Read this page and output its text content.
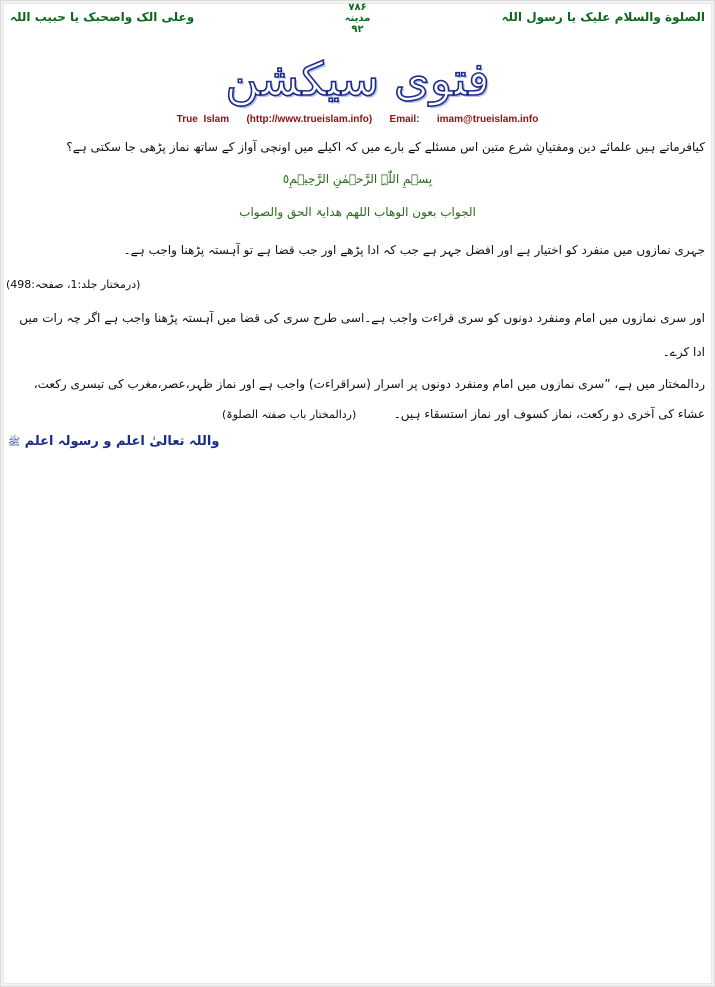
الصلوة والسلام علیک یا رسول اللہ
۷۸۶
مدینہ
۹۲
وعلی الک واصحبک یا حبیب اللہ
فتوی سیکشن
True Islam (http://www.trueislam.info) Email: imam@trueislam.info
کیافرماتے ہیں علمائے دین ومفتیانِ شرع متین اس مسئلے کے بارے میں کہ اکیلے میں اونچی آواز کے ساتھ نماز پڑھی جا سکتی ہے؟
بِسۡمِ اللّٰہِ الرَّحۡمٰنِ الرَّحِیۡمِ٥
الجواب بعون الوھاب اللھم ھدایۃ الحق والصواب
جہری نمازوں میں منفرد کو اختیار ہے اور افضل جہر ہے جب کہ ادا پڑھے اور جب قضا ہے تو آہستہ پڑھنا واجب ہے۔
(درمختار جلد:1، صفحہ:498)
اور سری نمازوں میں امام ومنفرد دونوں کو سری قراءت واجب ہے۔اسی طرح سری کی قضا میں آہستہ پڑھنا واجب ہے اگر چہ رات میں
ادا کرے۔
ردالمختار میں ہے، ”سری نمازوں میں امام ومنفرد دونوں پر اسرار (سراقراءت) واجب ہے اور نماز ظہر،عصر،مغرب کی تیسری رکعت،
عشاء کی آخری دو رکعت، نماز کسوف اور نماز استسقاء ہیں۔
(ردالمختار باب صفتہ الصلوۃ)
واللہ تعالیٰ اعلم و رسولہ اعلم ﷺ
